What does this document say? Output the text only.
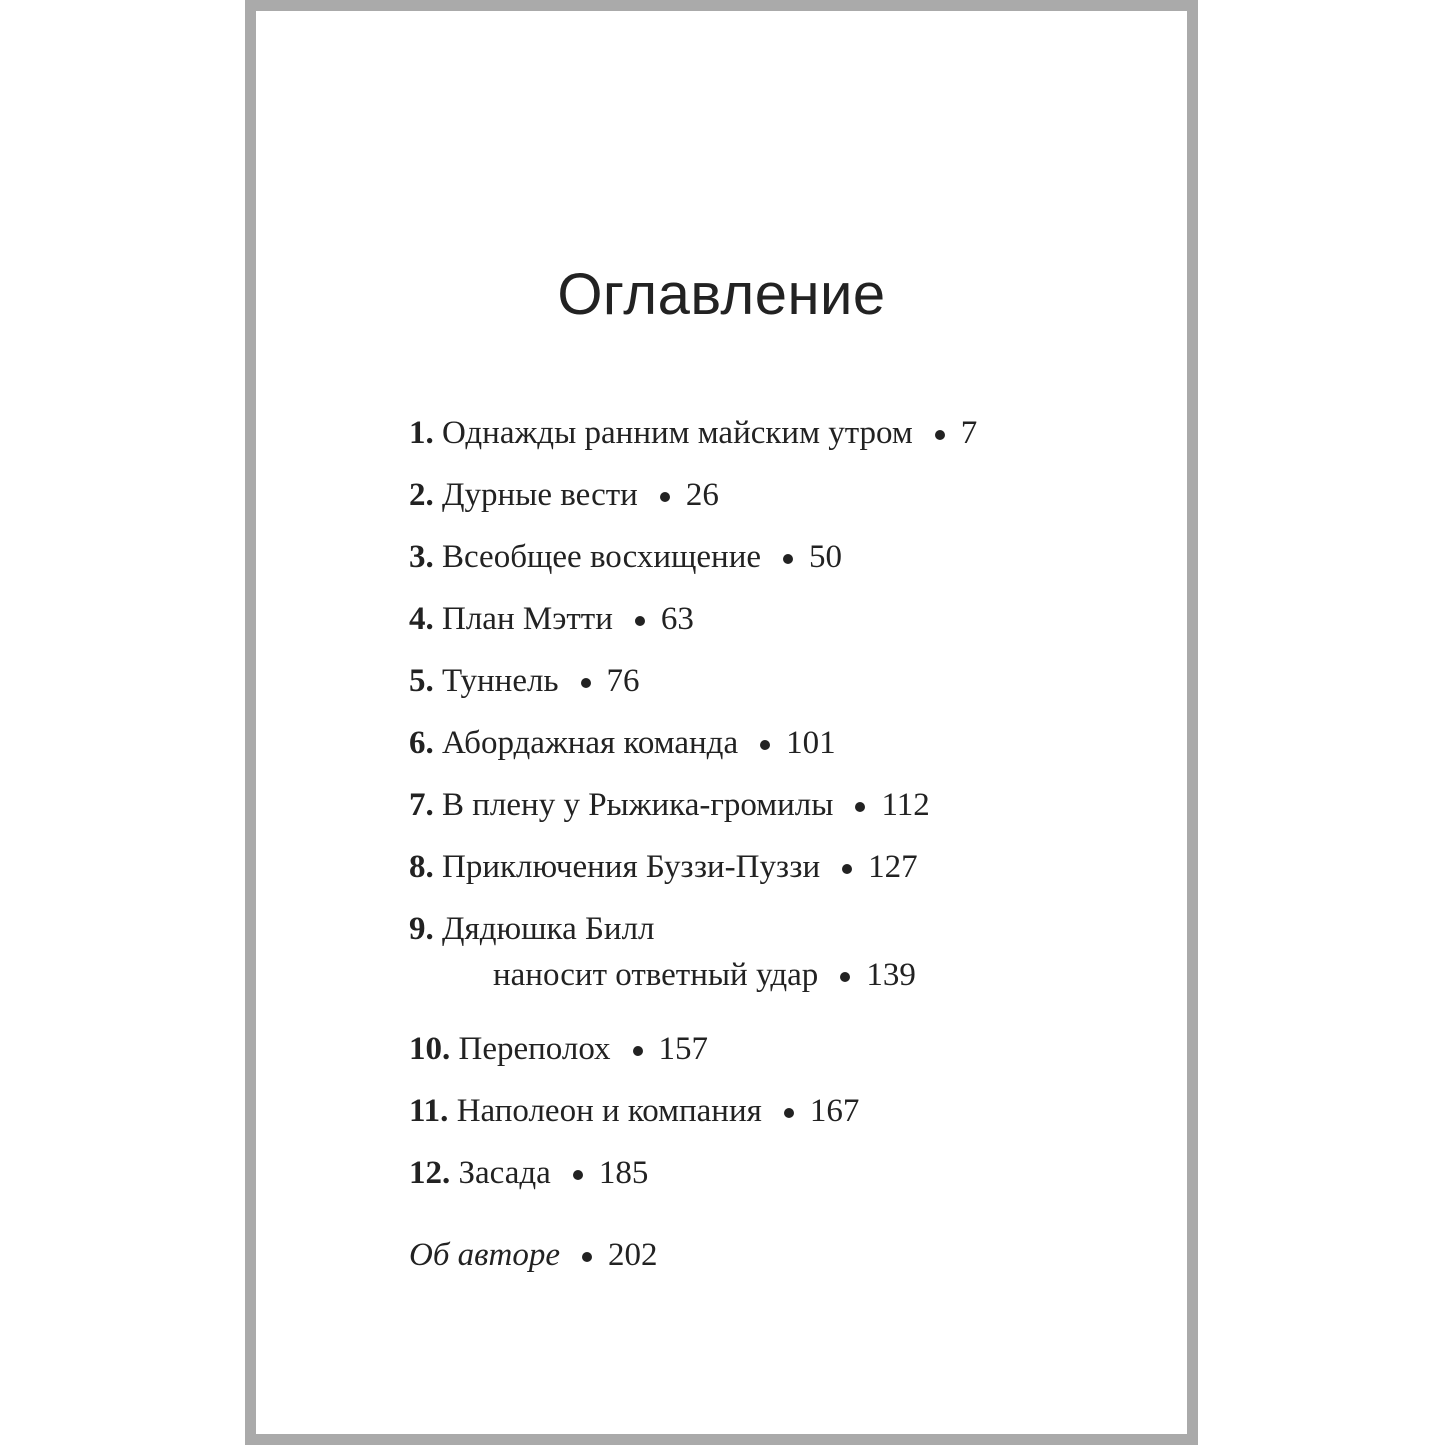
Оглавление
1. Однажды ранним майским утром 7
2. Дурные вести 26
3. Всеобщее восхищение 50
4. План Мэтти 63
5. Туннель 76
6. Абордажная команда 101
7. В плену у Рыжика-громилы 112
8. Приключения Буззи-Пуззи 127
9. Дядюшка Билл
наносит ответный удар 139
10. Переполох 157
11. Наполеон и компания 167
12. Засада 185
Об авторе 202
